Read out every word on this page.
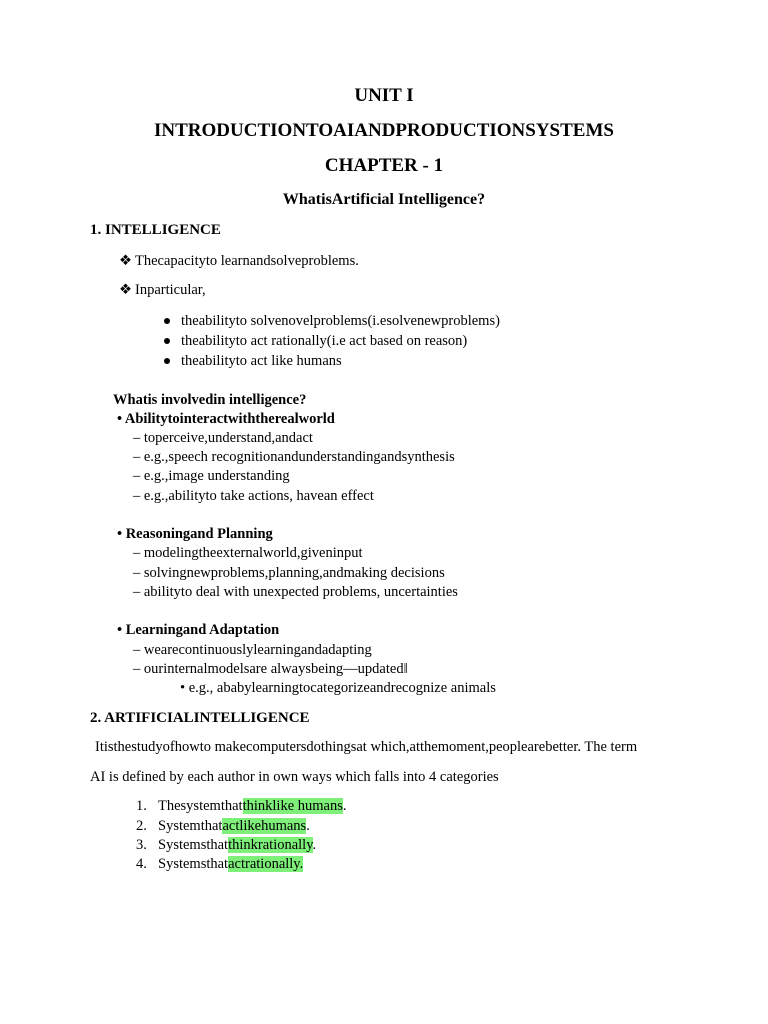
UNIT I
INTRODUCTIONTOAIANDPRODUCTIONSYSTEMS
CHAPTER - 1
WhatisArtificial Intelligence?
1. INTELLIGENCE
❖ Thecapacityto learnandsolveproblems.
❖ Inparticular,
theabilityto solvenovelproblems(i.esolvenewproblems)
theabilityto act rationally(i.e act based on reason)
theabilityto act like humans
Whatis involvedin intelligence?
• Abilitytointeractwiththerealworld
– toperceive,understand,andact
– e.g.,speech recognitionandunderstandingandsynthesis
– e.g.,image understanding
– e.g.,abilityto take actions, havean effect
• Reasoningand Planning
– modelingtheexternalworld,giveninput
– solvingnewproblems,planning,andmaking decisions
– abilityto deal with unexpected problems, uncertainties
• Learningand Adaptation
– wearecontinuouslylearningandadapting
– ourinternalmodelsare alwaysbeing―updated‖
• e.g., ababylearningtocategorizeandrecognize animals
2. ARTIFICIALINTELLIGENCE
Itisthestudyofhowto makecomputersdothingsat which,atthemoment,peoplearebetter. The term
AI is defined by each author in own ways which falls into 4 categories
1. Thesystemthatthinklike humans.
2. Systemthatactlikehumans.
3. Systemsthatthinkrationally.
4. Systemsthatactrationally.
